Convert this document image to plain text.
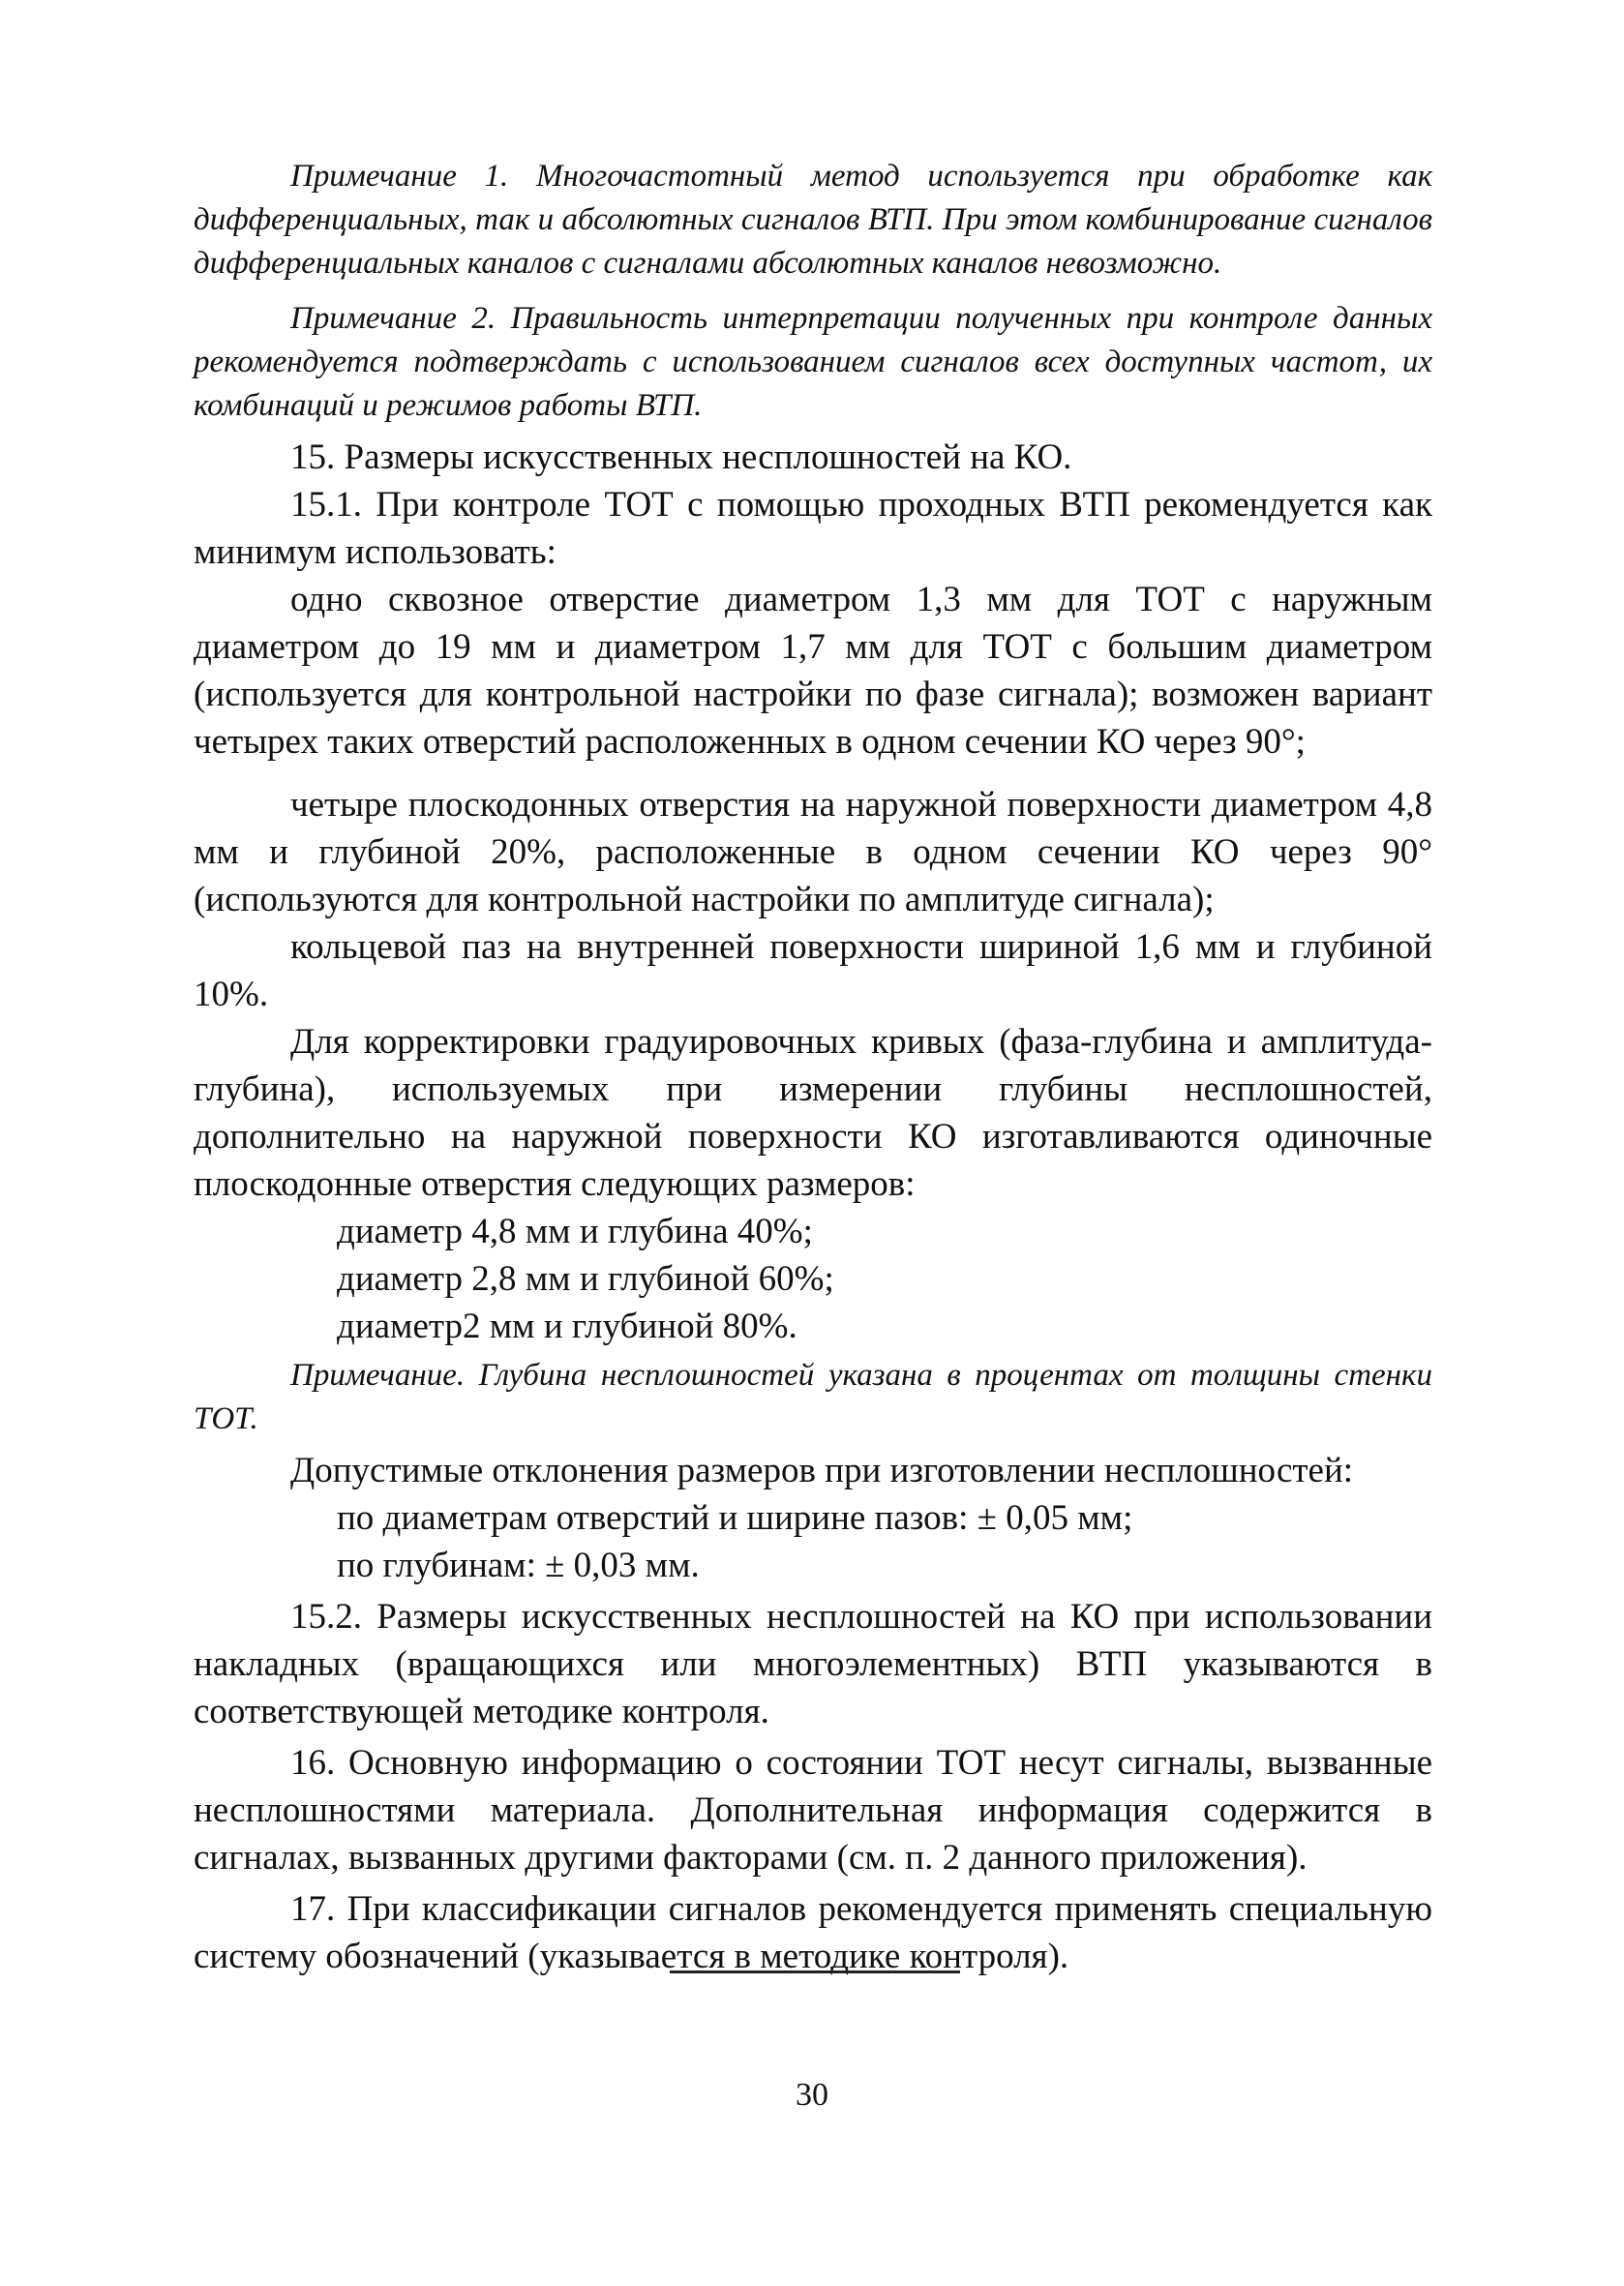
Примечание 1. Многочастотный метод используется при обработке как дифференциальных, так и абсолютных сигналов ВТП. При этом комбинирование сигналов дифференциальных каналов с сигналами абсолютных каналов невозможно.

Примечание 2. Правильность интерпретации полученных при контроле данных рекомендуется подтверждать с использованием сигналов всех доступных частот, их комбинаций и режимов работы ВТП.

15. Размеры искусственных несплошностей на КО.

15.1. При контроле ТОТ с помощью проходных ВТП рекомендуется как минимум использовать:

одно сквозное отверстие диаметром 1,3 мм для ТОТ с наружным диаметром до 19 мм и диаметром 1,7 мм для ТОТ с большим диаметром (используется для контрольной настройки по фазе сигнала); возможен вариант четырех таких отверстий расположенных в одном сечении КО через 90°;

четыре плоскодонных отверстия на наружной поверхности диаметром 4,8 мм и глубиной 20%, расположенные в одном сечении КО через 90° (используются для контрольной настройки по амплитуде сигнала);

кольцевой паз на внутренней поверхности шириной 1,6 мм и глубиной 10%.

Для корректировки градуировочных кривых (фаза-глубина и амплитуда-глубина), используемых при измерении глубины несплошностей, дополнительно на наружной поверхности КО изготавливаются одиночные плоскодонные отверстия следующих размеров:

диаметр 4,8 мм и глубина 40%;

диаметр 2,8 мм и глубиной 60%;

диаметр2 мм и глубиной 80%.

Примечание. Глубина несплошностей указана в процентах от толщины стенки ТОТ.

Допустимые отклонения размеров при изготовлении несплошностей:

по диаметрам отверстий и ширине пазов: ± 0,05 мм;

по глубинам: ± 0,03 мм.

15.2. Размеры искусственных несплошностей на КО при использовании накладных (вращающихся или многоэлементных) ВТП указываются в соответствующей методике контроля.

16. Основную информацию о состоянии ТОТ несут сигналы, вызванные несплошностями материала. Дополнительная информация содержится в сигналах, вызванных другими факторами (см. п. 2 данного приложения).

17. При классификации сигналов рекомендуется применять специальную систему обозначений (указывается в методике контроля).

30
